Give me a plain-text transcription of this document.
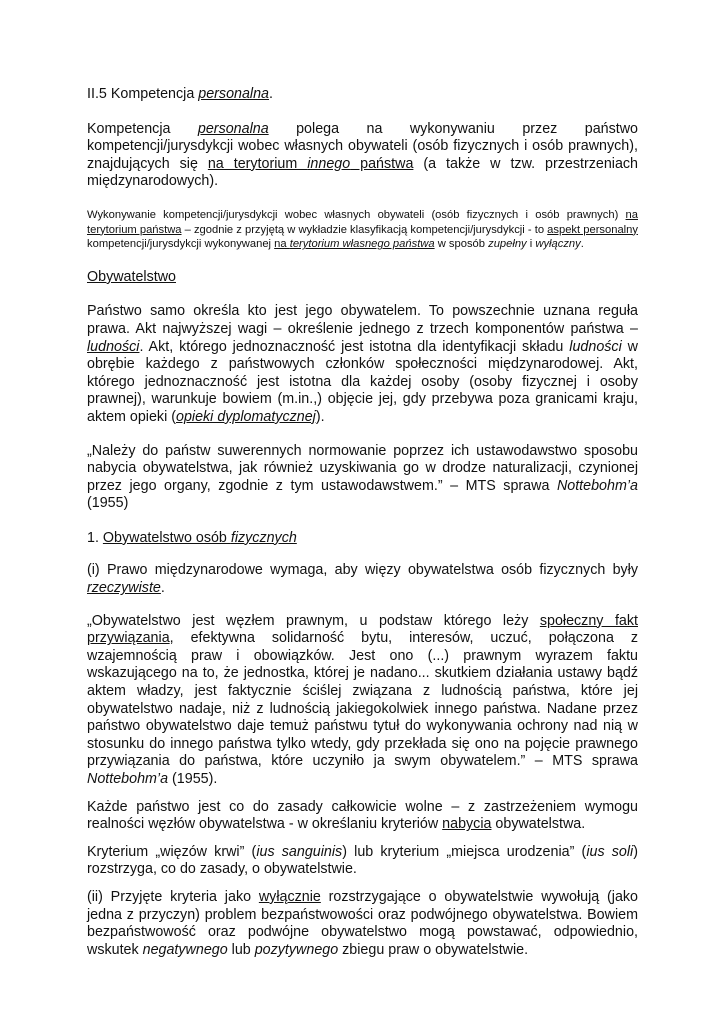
II.5 Kompetencja personalna.

Kompetencja personalna polega na wykonywaniu przez państwo kompetencji/jurysdykcji wobec własnych obywateli (osób fizycznych i osób prawnych), znajdujących się na terytorium innego państwa (a także w tzw. przestrzeniach międzynarodowych).

Wykonywanie kompetencji/jurysdykcji wobec własnych obywateli (osób fizycznych i osób prawnych) na terytorium państwa – zgodnie z przyjętą w wykładzie klasyfikacją kompetencji/jurysdykcji - to aspekt personalny kompetencji/jurysdykcji wykonywanej na terytorium własnego państwa w sposób zupełny i wyłączny.

Obywatelstwo

Państwo samo określa kto jest jego obywatelem. To powszechnie uznana reguła prawa. Akt najwyższej wagi – określenie jednego z trzech komponentów państwa – ludności. Akt, którego jednoznaczność jest istotna dla identyfikacji składu ludności w obrębie każdego z państwowych członków społeczności międzynarodowej. Akt, którego jednoznaczność jest istotna dla każdej osoby (osoby fizycznej i osoby prawnej), warunkuje bowiem (m.in.,) objęcie jej, gdy przebywa poza granicami kraju, aktem opieki (opieki dyplomatycznej).

„Należy do państw suwerennych normowanie poprzez ich ustawodawstwo sposobu nabycia obywatelstwa, jak również uzyskiwania go w drodze naturalizacji, czynionej przez jego organy, zgodnie z tym ustawodawstwem.” – MTS sprawa Nottebohm’a (1955)

1. Obywatelstwo osób fizycznych

(i) Prawo międzynarodowe wymaga, aby więzy obywatelstwa osób fizycznych były rzeczywiste.

„Obywatelstwo jest węzłem prawnym, u podstaw którego leży społeczny fakt przywiązania, efektywna solidarność bytu, interesów, uczuć, połączona z wzajemnością praw i obowiązków. Jest ono (...) prawnym wyrazem faktu wskazującego na to, że jednostka, której je nadano... skutkiem działania ustawy bądź aktem władzy, jest faktycznie ściślej związana z ludnością państwa, które jej obywatelstwo nadaje, niż z ludnością jakiegokolwiek innego państwa. Nadane przez państwo obywatelstwo daje temuż państwu tytuł do wykonywania ochrony nad nią w stosunku do innego państwa tylko wtedy, gdy przekłada się ono na pojęcie prawnego przywiązania do państwa, które uczyniło ja swym obywatelem.” – MTS sprawa Nottebohm’a (1955).

Każde państwo jest co do zasady całkowicie wolne – z zastrzeżeniem wymogu realności węzłów obywatelstwa - w określaniu kryteriów nabycia obywatelstwa.

Kryterium „więzów krwi” (ius sanguinis) lub kryterium „miejsca urodzenia” (ius soli) rozstrzyga, co do zasady, o obywatelstwie.

(ii) Przyjęte kryteria jako wyłącznie rozstrzygające o obywatelstwie wywołują (jako jedna z przyczyn) problem bezpaństwowości oraz podwójnego obywatelstwa. Bowiem bezpaństwowość oraz podwójne obywatelstwo mogą powstawać, odpowiednio, wskutek negatywnego lub pozytywnego zbiegu praw o obywatelstwie.
